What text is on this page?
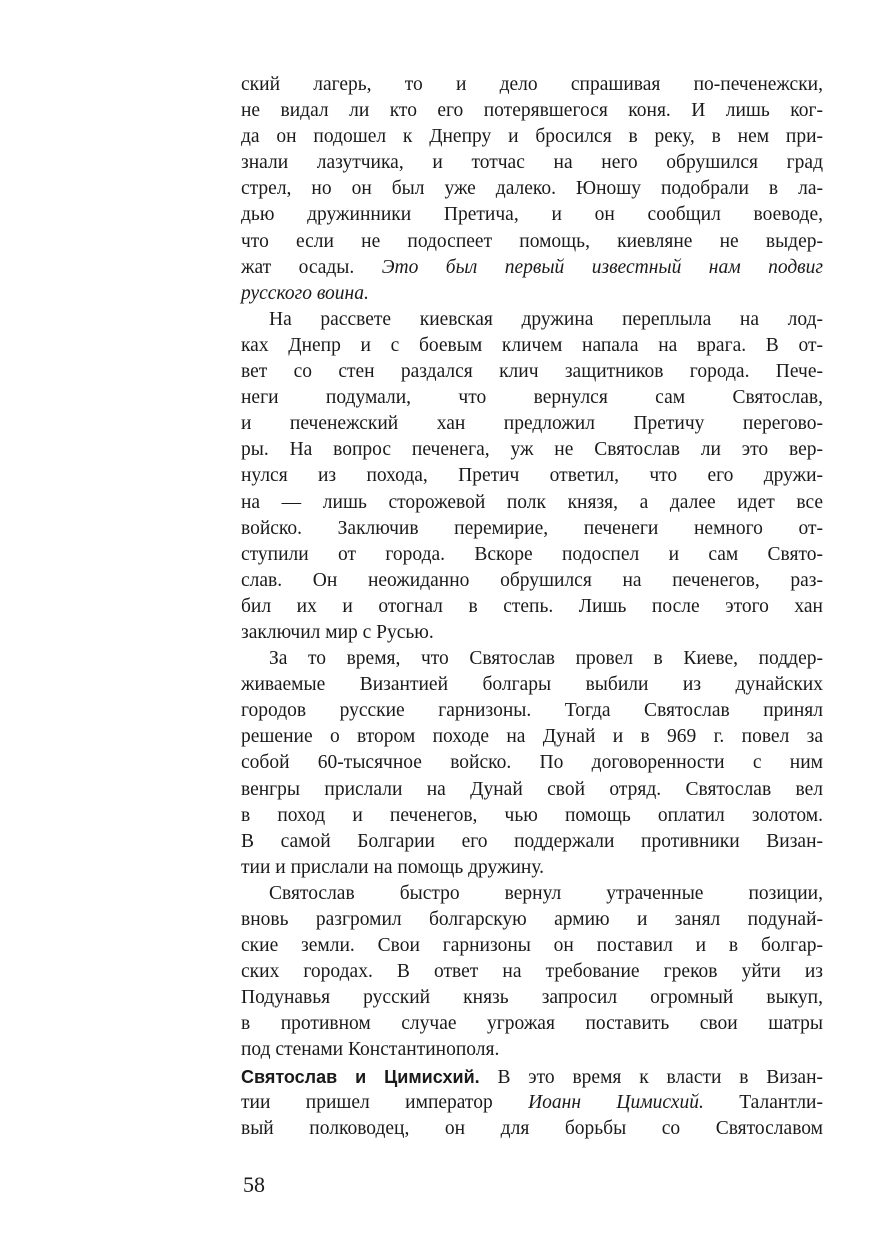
ский лагерь, то и дело спрашивая по-печенежски,
не видал ли кто его потерявшегося коня. И лишь ког-
да он подошел к Днепру и бросился в реку, в нем при-
знали лазутчика, и тотчас на него обрушился град
стрел, но он был уже далеко. Юношу подобрали в ла-
дью дружинники Претича, и он сообщил воеводе,
что если не подоспеет помощь, киевляне не выдер-
жат осады. Это был первый известный нам подвиг
русского воина.
На рассвете киевская дружина переплыла на лод-
ках Днепр и с боевым кличем напала на врага. В от-
вет со стен раздался клич защитников города. Пече-
неги подумали, что вернулся сам Святослав,
и печенежский хан предложил Претичу перегово-
ры. На вопрос печенега, уж не Святослав ли это вер-
нулся из похода, Претич ответил, что его дружи-
на — лишь сторожевой полк князя, а далее идет все
войско. Заключив перемирие, печенеги немного от-
ступили от города. Вскоре подоспел и сам Свято-
слав. Он неожиданно обрушился на печенегов, раз-
бил их и отогнал в степь. Лишь после этого хан
заключил мир с Русью.
За то время, что Святослав провел в Киеве, поддер-
живаемые Византией болгары выбили из дунайских
городов русские гарнизоны. Тогда Святослав принял
решение о втором походе на Дунай и в 969 г. повел за
собой 60-тысячное войско. По договоренности с ним
венгры прислали на Дунай свой отряд. Святослав вел
в поход и печенегов, чью помощь оплатил золотом.
В самой Болгарии его поддержали противники Визан-
тии и прислали на помощь дружину.
Святослав быстро вернул утраченные позиции,
вновь разгромил болгарскую армию и занял подунай-
ские земли. Свои гарнизоны он поставил и в болгар-
ских городах. В ответ на требование греков уйти из
Подунавья русский князь запросил огромный выкуп,
в противном случае угрожая поставить свои шатры
под стенами Константинополя.
Святослав и Цимисхий. В это время к власти в Визан-
тии пришел император Иоанн Цимисхий. Талантли-
вый полководец, он для борьбы со Святославом
58
